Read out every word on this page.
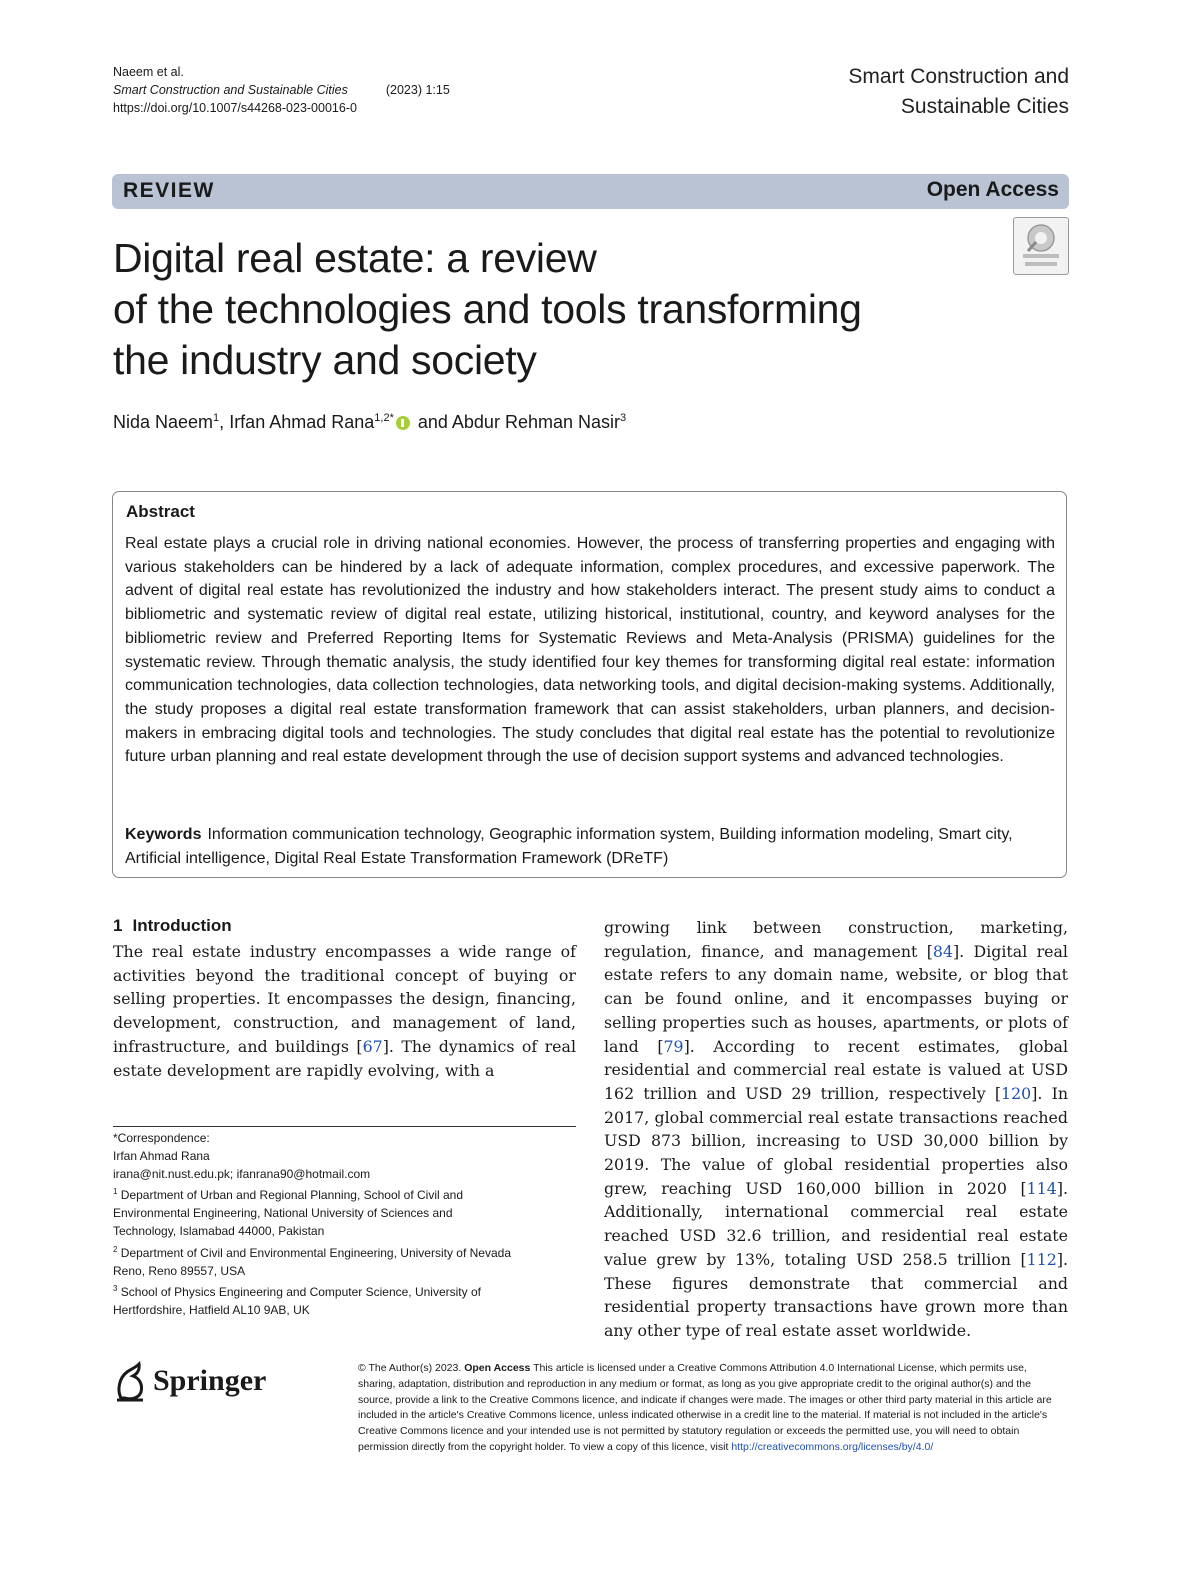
Naeem et al.
Smart Construction and Sustainable Cities	(2023) 1:15
https://doi.org/10.1007/s44268-023-00016-0
Smart Construction and
Sustainable Cities
REVIEW	Open Access
Digital real estate: a review
of the technologies and tools transforming
the industry and society
Nida Naeem$^1$, Irfan Ahmad Rana$^{1,2*}$ and Abdur Rehman Nasir$^3$
Abstract
Real estate plays a crucial role in driving national economies. However, the process of transferring properties and engaging with various stakeholders can be hindered by a lack of adequate information, complex procedures, and excessive paperwork. The advent of digital real estate has revolutionized the industry and how stakeholders interact. The present study aims to conduct a bibliometric and systematic review of digital real estate, utilizing historical, institutional, country, and keyword analyses for the bibliometric review and Preferred Reporting Items for Systematic Reviews and Meta-Analysis (PRISMA) guidelines for the systematic review. Through thematic analysis, the study identified four key themes for transforming digital real estate: information communication technologies, data collection technologies, data networking tools, and digital decision-making systems. Additionally, the study proposes a digital real estate transformation framework that can assist stakeholders, urban planners, and decision-makers in embracing digital tools and technologies. The study concludes that digital real estate has the potential to revolutionize future urban planning and real estate development through the use of decision support systems and advanced technologies.
Keywords Information communication technology, Geographic information system, Building information modeling, Smart city, Artificial intelligence, Digital Real Estate Transformation Framework (DReTF)
1 Introduction
The real estate industry encompasses a wide range of activities beyond the traditional concept of buying or selling properties. It encompasses the design, financing, development, construction, and management of land, infrastructure, and buildings [67]. The dynamics of real estate development are rapidly evolving, with a
growing link between construction, marketing, regulation, finance, and management [84]. Digital real estate refers to any domain name, website, or blog that can be found online, and it encompasses buying or selling properties such as houses, apartments, or plots of land [79]. According to recent estimates, global residential and commercial real estate is valued at USD 162 trillion and USD 29 trillion, respectively [120]. In 2017, global commercial real estate transactions reached USD 873 billion, increasing to USD 30,000 billion by 2019. The value of global residential properties also grew, reaching USD 160,000 billion in 2020 [114]. Additionally, international commercial real estate reached USD 32.6 trillion, and residential real estate value grew by 13%, totaling USD 258.5 trillion [112]. These figures demonstrate that commercial and residential property transactions have grown more than any other type of real estate asset worldwide.

*Correspondence:

Irfan Ahmad Rana

irana@nit.nust.edu.pk; ifanrana90@hotmail.com

$^1$ Department of Urban and Regional Planning, School of Civil and Environmental Engineering, National University of Sciences and Technology, Islamabad 44000, Pakistan

$^2$ Department of Civil and Environmental Engineering, University of Nevada Reno, Reno 89557, USA

$^3$ School of Physics Engineering and Computer Science, University of Hertfordshire, Hatfield AL10 9AB, UK

Springer	© The Author(s) 2023. Open Access This article is licensed under a Creative Commons Attribution 4.0 International License, which permits use, sharing, adaptation, distribution and reproduction in any medium or format, as long as you give appropriate credit to the original author(s) and the source, provide a link to the Creative Commons licence, and indicate if changes were made. The images or other third party material in this article are included in the article's Creative Commons licence, unless indicated otherwise in a credit line to the material. If material is not included in the article's Creative Commons licence and your intended use is not permitted by statutory regulation or exceeds the permitted use, you will need to obtain permission directly from the copyright holder. To view a copy of this licence, visit http://creativecommons.org/licenses/by/4.0/
